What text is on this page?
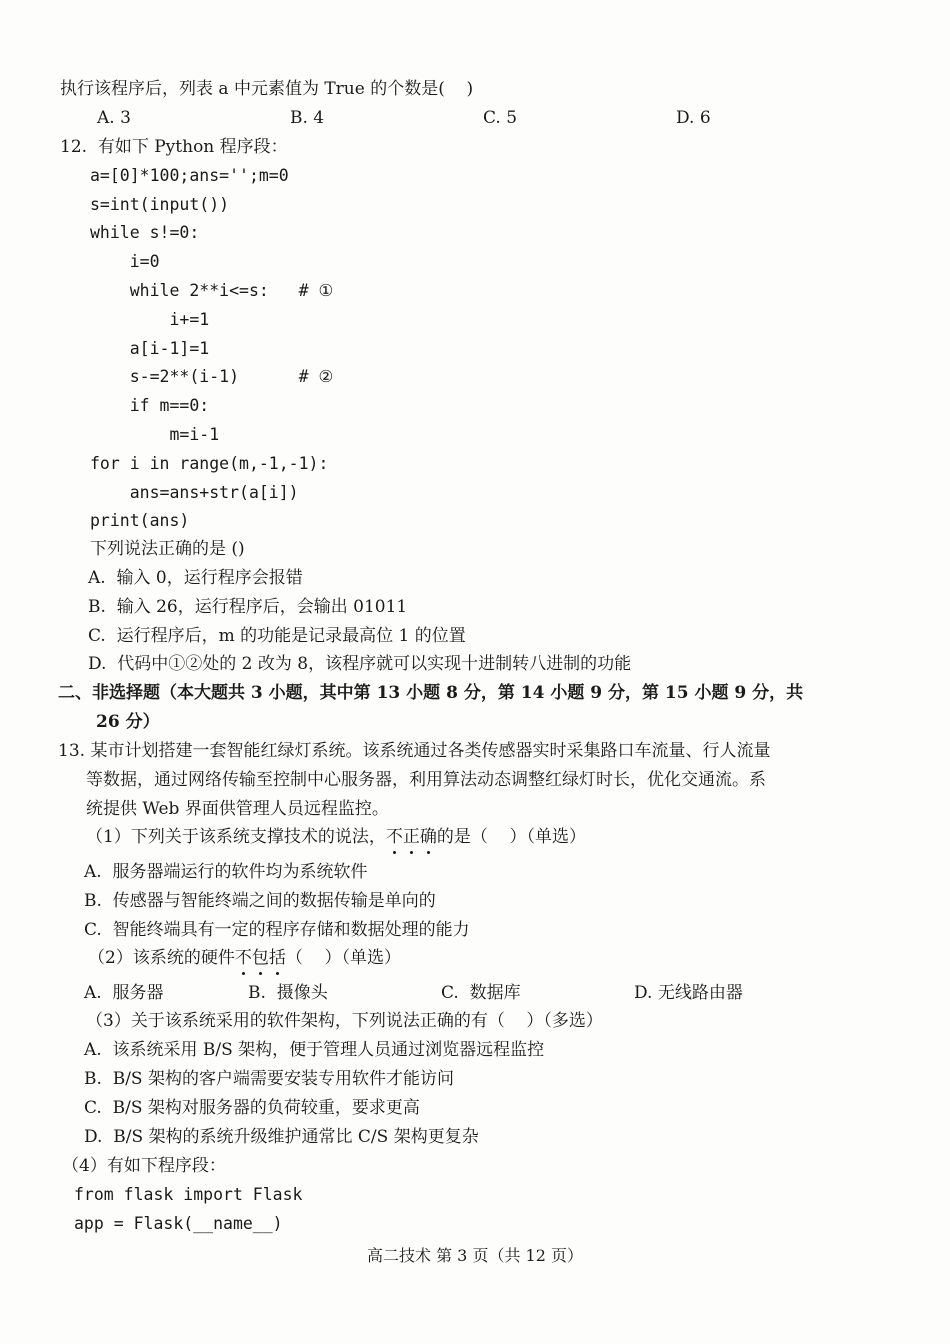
执行该程序后，列表 a 中元素值为 True 的个数是(    )
A. 3	B. 4	C. 5	D. 6
12.  有如下 Python 程序段：
a=[0]*100;ans='';m=0
s=int(input())
while s!=0:
i=0
while 2**i<=s:   # ①
i+=1
a[i-1]=1
s-=2**(i-1)      # ②
if m==0:
m=i-1
for i in range(m,-1,-1):
ans=ans+str(a[i])
print(ans)
下列说法正确的是 ()
A.  输入 0，运行程序会报错
B.  输入 26，运行程序后，会输出 01011
C.  运行程序后，m 的功能是记录最高位 1 的位置
D.  代码中①②处的 2 改为 8，该程序就可以实现十进制转八进制的功能
二、非选择题（本大题共 3 小题，其中第 13 小题 8 分，第 14 小题 9 分，第 15 小题 9 分，共
26 分）
13. 某市计划搭建一套智能红绿灯系统。该系统通过各类传感器实时采集路口车流量、行人流量
等数据，通过网络传输至控制中心服务器，利用算法动态调整红绿灯时长，优化交通流。系
统提供 Web 界面供管理人员远程监控。
（1）下列关于该系统支撑技术的说法，不正确的是（    ）（单选）
A.  服务器端运行的软件均为系统软件
B.  传感器与智能终端之间的数据传输是单向的
C.  智能终端具有一定的程序存储和数据处理的能力
（2）该系统的硬件不包括（    ）（单选）
A.  服务器	B.  摄像头	C.  数据库	D. 无线路由器
（3）关于该系统采用的软件架构，下列说法正确的有（    ）（多选）
A.  该系统采用 B/S 架构，便于管理人员通过浏览器远程监控
B.  B/S 架构的客户端需要安装专用软件才能访问
C.  B/S 架构对服务器的负荷较重，要求更高
D.  B/S 架构的系统升级维护通常比 C/S 架构更复杂
（4）有如下程序段：
from flask import Flask
app = Flask(__name__)
高二技术 第 3 页（共 12 页）
